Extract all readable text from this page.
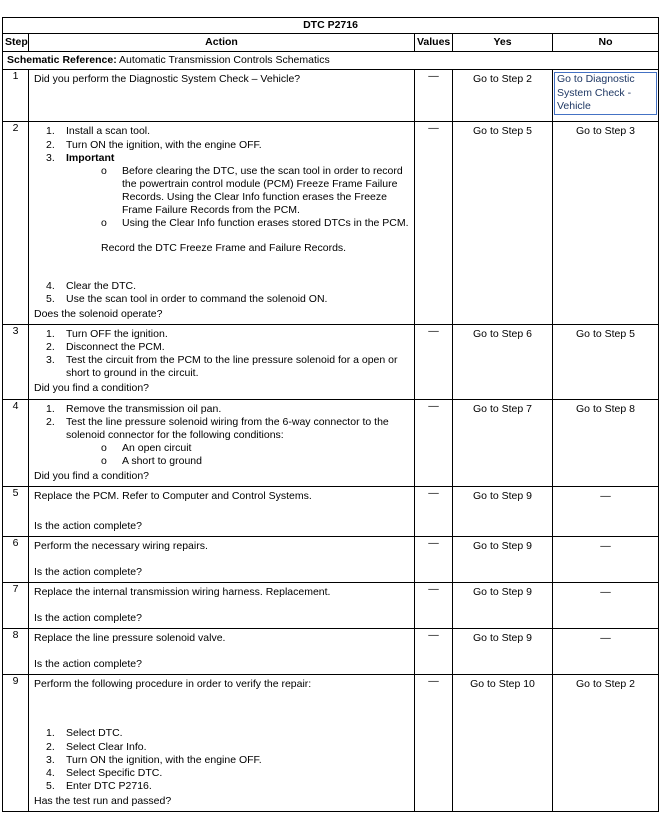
DTC P2716				
Step	Action	Values	Yes	No
Schematic Reference: Automatic Transmission Controls Schematics				
1	Did you perform the Diagnostic System Check – Vehicle?	—	Go to Step 2	Go to Diagnostic System Check - Vehicle

2	1.	Install a scan tool.
2.	Turn ON the ignition, with the engine OFF.
3.	Important
o	Before clearing the DTC, use the scan tool in order to record the powertrain control module (PCM) Freeze Frame Failure Records. Using the Clear Info function erases the Freeze Frame Failure Records from the PCM.
o	Using the Clear Info function erases stored DTCs in the PCM.
Record the DTC Freeze Frame and Failure Records.
4.	Clear the DTC.
5.	Use the scan tool in order to command the solenoid ON.
Does the solenoid operate?
	—	Go to Step 5	Go to Step 3
3	1.	Turn OFF the ignition.
2.	Disconnect the PCM.
3.	Test the circuit from the PCM to the line pressure solenoid for a open or short to ground in the circuit.
Did you find a condition?
	—	Go to Step 6	Go to Step 5
4	1.	Remove the transmission oil pan.
2.	Test the line pressure solenoid wiring from the 6-way connector to the solenoid connector for the following conditions:
o	An open circuit
o	A short to ground
Did you find a condition?
	—	Go to Step 7	Go to Step 8
5	Replace the PCM. Refer to Computer and Control Systems.
Is the action complete?	—	Go to Step 9	—
6	Perform the necessary wiring repairs.
Is the action complete?	—	Go to Step 9	—
7	Replace the internal transmission wiring harness. Replacement.
Is the action complete?	—	Go to Step 9	—
8	Replace the line pressure solenoid valve.
Is the action complete?	—	Go to Step 9	—
9	Perform the following procedure in order to verify the repair:
1.	Select DTC.
2.	Select Clear Info.
3.	Turn ON the ignition, with the engine OFF.
4.	Select Specific DTC.
5.	Enter DTC P2716.
Has the test run and passed?
	—	Go to Step 10	Go to Step 2
